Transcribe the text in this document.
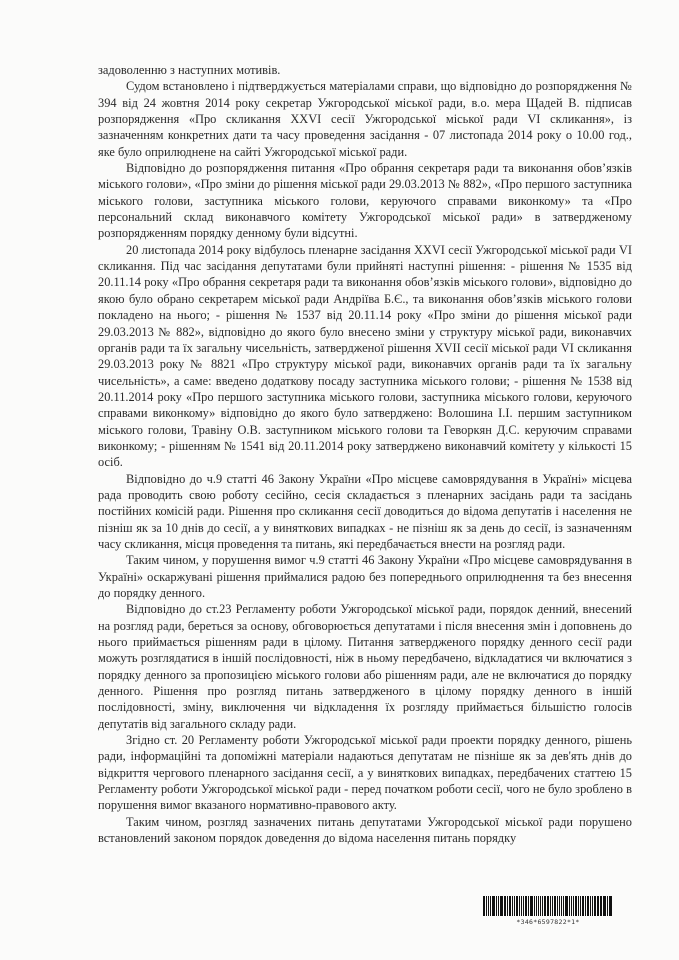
задоволенню з наступних мотивів.

Судом встановлено і підтверджується матеріалами справи, що відповідно до розпорядження № 394 від 24 жовтня 2014 року секретар Ужгородської міської ради, в.о. мера Щадей В. підписав розпорядження «Про скликання XXVI сесії Ужгородської міської ради VI скликання», із зазначенням конкретних дати та часу проведення засідання - 07 листопада 2014 року о 10.00 год., яке було оприлюднене на сайті Ужгородської міської ради.

Відповідно до розпорядження питання «Про обрання секретаря ради та виконання обов’язків міського голови», «Про зміни до рішення міської ради 29.03.2013 № 882», «Про першого заступника міського голови, заступника міського голови, керуючого справами виконкому» та «Про персональний склад виконавчого комітету Ужгородської міської ради» в затвердженому розпорядженням порядку денному були відсутні.

20 листопада 2014 року відбулось пленарне засідання XXVI сесії Ужгородської міської ради VI скликання. Під час засідання депутатами були прийняті наступні рішення: - рішення № 1535 від 20.11.14 року «Про обрання секретаря ради та виконання обов’язків міського голови», відповідно до якою було обрано секретарем міської ради Андріїва Б.Є., та виконання обов’язків міського голови покладено на нього; - рішення № 1537 від 20.11.14 року «Про зміни до рішення міської ради 29.03.2013 № 882», відповідно до якого було внесено зміни у структуру міської ради, виконавчих органів ради та їх загальну чисельність, затвердженої рішення XVII сесії міської ради VI скликання 29.03.2013 року № 8821 «Про структуру міської ради, виконавчих органів ради та їх загальну чисельність», а саме: введено додаткову посаду заступника міського голови; - рішення № 1538 від 20.11.2014 року «Про першого заступника міського голови, заступника міського голови, керуючого справами виконкому» відповідно до якого було затверджено: Волошина І.І. першим заступником міського голови, Травіну О.В. заступником міського голови та Геворкян Д.С. керуючим справами виконкому; - рішенням № 1541 від 20.11.2014 року затверджено виконавчий комітету у кількості 15 осіб.

Відповідно до ч.9 статті 46 Закону України «Про місцеве самоврядування в Україні» місцева рада проводить свою роботу сесійно, сесія складається з пленарних засідань ради та засідань постійних комісій ради. Рішення про скликання сесії доводиться до відома депутатів і населення не пізніш як за 10 днів до сесії, а у виняткових випадках - не пізніш як за день до сесії, із зазначенням часу скликання, місця проведення та питань, які передбачається внести на розгляд ради.

Таким чином, у порушення вимог ч.9 статті 46 Закону України «Про місцеве самоврядування в Україні» оскаржувані рішення приймалися радою без попереднього оприлюднення та без внесення до порядку денного.

Відповідно до ст.23 Регламенту роботи Ужгородської міської ради, порядок денний, внесений на розгляд ради, береться за основу, обговорюється депутатами і після внесення змін і доповнень до нього приймається рішенням ради в цілому. Питання затвердженого порядку денного сесії ради можуть розглядатися в іншій послідовності, ніж в ньому передбачено, відкладатися чи включатися з порядку денного за пропозицією міського голови або рішенням ради, але не включатися до порядку денного. Рішення про розгляд питань затвердженого в цілому порядку денного в іншій послідовності, зміну, виключення чи відкладення їх розгляду приймається більшістю голосів депутатів від загального складу ради.

Згідно ст. 20 Регламенту роботи Ужгородської міської ради проекти порядку денного, рішень ради, інформаційні та допоміжні матеріали надаються депутатам не пізніше як за дев'ять днів до відкриття чергового пленарного засідання сесії, а у виняткових випадках, передбачених статтею 15 Регламенту роботи Ужгородської міської ради - перед початком роботи сесії, чого не було зроблено в порушення вимог вказаного нормативно-правового акту.

Таким чином, розгляд зазначених питань депутатами Ужгородської міської ради порушено встановлений законом порядок доведення до відома населення питань порядку

*346*6597822*1*
